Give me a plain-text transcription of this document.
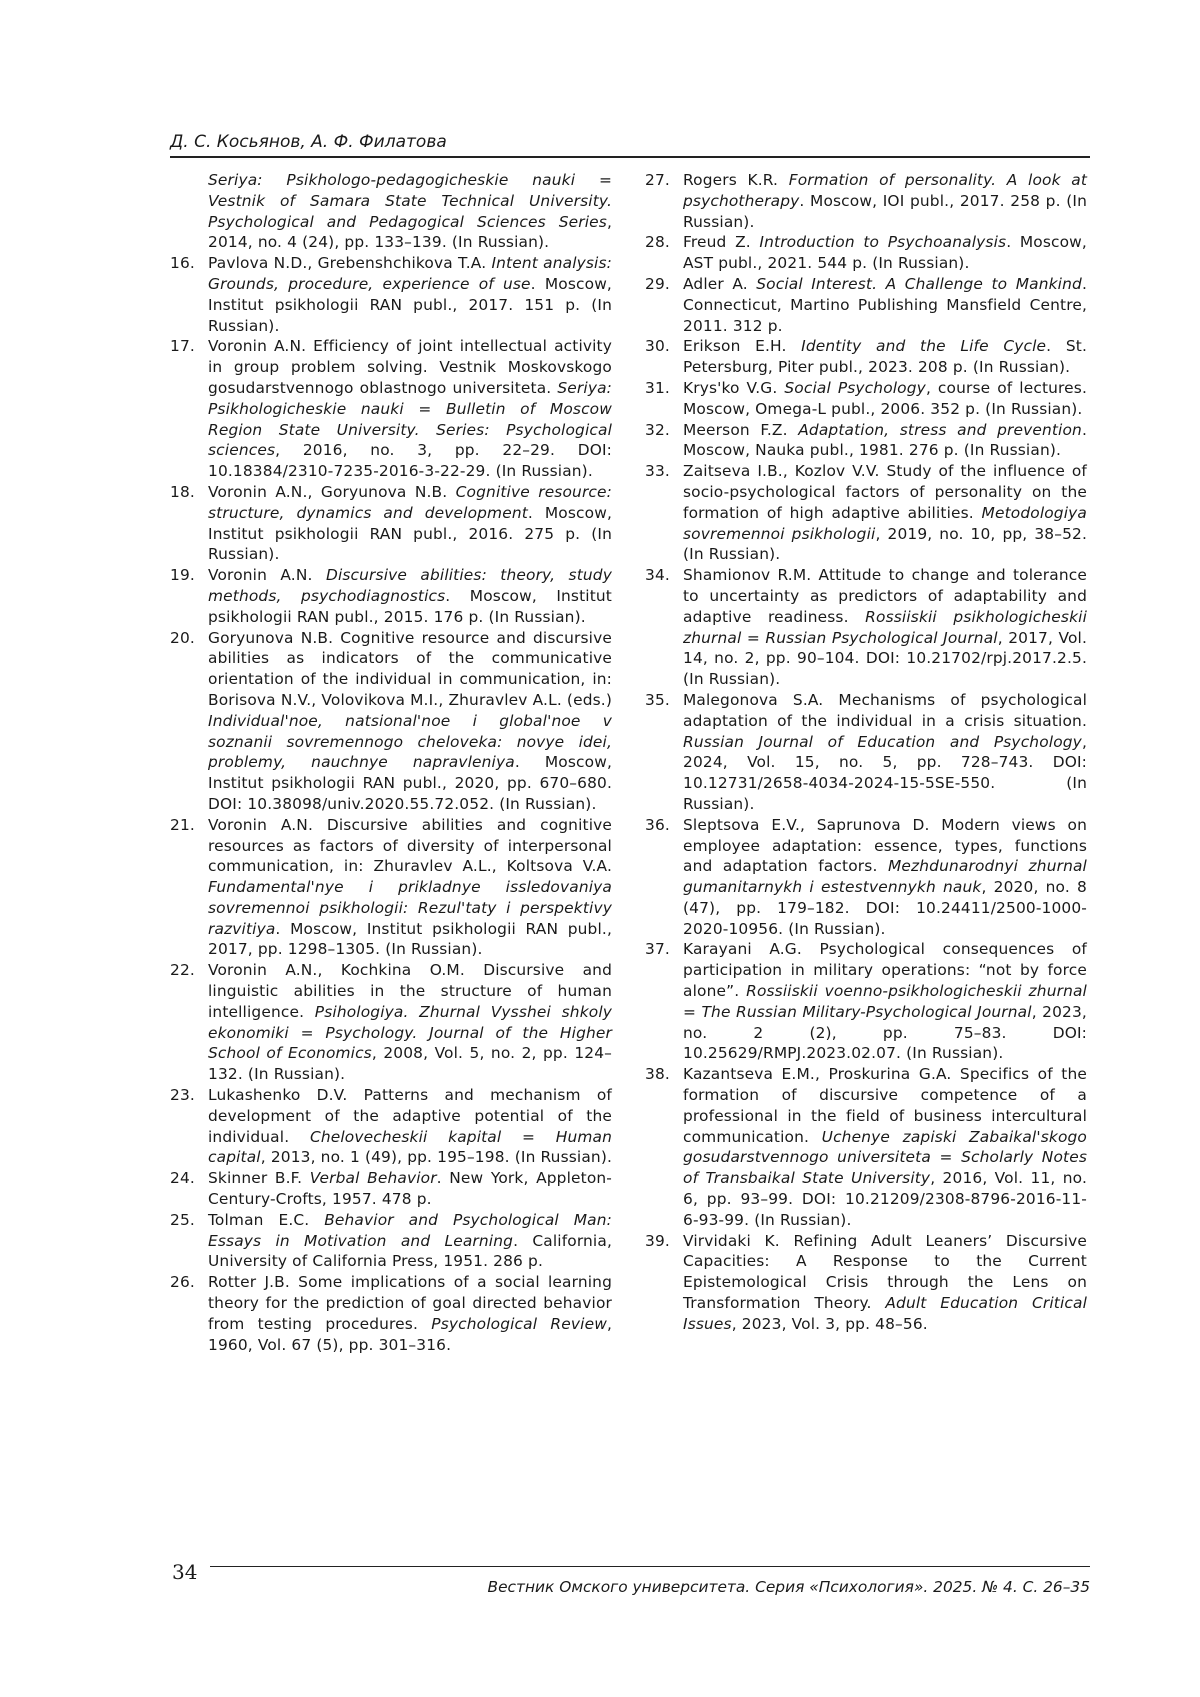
Д. С. Косьянов, А. Ф. Филатова
Seriya: Psikhologo-pedagogicheskie nauki = Vestnik of Samara State Technical University. Psychological and Pedagogical Sciences Series, 2014, no. 4 (24), pp. 133–139. (In Russian).
16. Pavlova N.D., Grebenshchikova T.A. Intent analysis: Grounds, procedure, experience of use. Moscow, Institut psikhologii RAN publ., 2017. 151 p. (In Russian).
17. Voronin A.N. Efficiency of joint intellectual activity in group problem solving. Vestnik Moskovskogo gosudarstvennogo oblastnogo universiteta. Seriya: Psikhologicheskie nauki = Bulletin of Moscow Region State University. Series: Psychological sciences, 2016, no. 3, pp. 22–29. DOI: 10.18384/2310-7235-2016-3-22-29. (In Russian).
18. Voronin A.N., Goryunova N.B. Cognitive resource: structure, dynamics and development. Moscow, Institut psikhologii RAN publ., 2016. 275 p. (In Russian).
19. Voronin A.N. Discursive abilities: theory, study methods, psychodiagnostics. Moscow, Institut psikhologii RAN publ., 2015. 176 p. (In Russian).
20. Goryunova N.B. Cognitive resource and discursive abilities as indicators of the communicative orientation of the individual in communication, in: Borisova N.V., Volovikova M.I., Zhuravlev A.L. (eds.) Individual'noe, natsional'noe i global'noe v soznanii sovremennogo cheloveka: novye idei, problemy, nauchnye napravleniya. Moscow, Institut psikhologii RAN publ., 2020, pp. 670–680. DOI: 10.38098/univ.2020.55.72.052. (In Russian).
21. Voronin A.N. Discursive abilities and cognitive resources as factors of diversity of interpersonal communication, in: Zhuravlev A.L., Koltsova V.A. Fundamental'nye i prikladnye issledovaniya sovremennoi psikhologii: Rezul'taty i perspektivy razvitiya. Moscow, Institut psikhologii RAN publ., 2017, pp. 1298–1305. (In Russian).
22. Voronin A.N., Kochkina O.M. Discursive and linguistic abilities in the structure of human intelligence. Psihologiya. Zhurnal Vysshei shkoly ekonomiki = Psychology. Journal of the Higher School of Economics, 2008, Vol. 5, no. 2, pp. 124–132. (In Russian).
23. Lukashenko D.V. Patterns and mechanism of development of the adaptive potential of the individual. Chelovecheskii kapital = Human capital, 2013, no. 1 (49), pp. 195–198. (In Russian).
24. Skinner B.F. Verbal Behavior. New York, Appleton-Century-Crofts, 1957. 478 p.
25. Tolman E.C. Behavior and Psychological Man: Essays in Motivation and Learning. California, University of California Press, 1951. 286 p.
26. Rotter J.B. Some implications of a social learning theory for the prediction of goal directed behavior from testing procedures. Psychological Review, 1960, Vol. 67 (5), pp. 301–316.
27. Rogers K.R. Formation of personality. A look at psychotherapy. Moscow, IOI publ., 2017. 258 p. (In Russian).
28. Freud Z. Introduction to Psychoanalysis. Moscow, AST publ., 2021. 544 p. (In Russian).
29. Adler A. Social Interest. A Challenge to Mankind. Connecticut, Martino Publishing Mansfield Centre, 2011. 312 p.
30. Erikson E.H. Identity and the Life Cycle. St. Petersburg, Piter publ., 2023. 208 p. (In Russian).
31. Krys'ko V.G. Social Psychology, course of lectures. Moscow, Omega-L publ., 2006. 352 p. (In Russian).
32. Meerson F.Z. Adaptation, stress and prevention. Moscow, Nauka publ., 1981. 276 p. (In Russian).
33. Zaitseva I.B., Kozlov V.V. Study of the influence of socio-psychological factors of personality on the formation of high adaptive abilities. Metodologiya sovremennoi psikhologii, 2019, no. 10, pp, 38–52. (In Russian).
34. Shamionov R.M. Attitude to change and tolerance to uncertainty as predictors of adaptability and adaptive readiness. Rossiiskii psikhologicheskii zhurnal = Russian Psychological Journal, 2017, Vol. 14, no. 2, pp. 90–104. DOI: 10.21702/rpj.2017.2.5. (In Russian).
35. Malegonova S.A. Mechanisms of psychological adaptation of the individual in a crisis situation. Russian Journal of Education and Psychology, 2024, Vol. 15, no. 5, pp. 728–743. DOI: 10.12731/2658-4034-2024-15-5SE-550. (In Russian).
36. Sleptsova E.V., Saprunova D. Modern views on employee adaptation: essence, types, functions and adaptation factors. Mezhdunarodnyi zhurnal gumanitarnykh i estestvennykh nauk, 2020, no. 8 (47), pp. 179–182. DOI: 10.24411/2500-1000-2020-10956. (In Russian).
37. Karayani A.G. Psychological consequences of participation in military operations: “not by force alone”. Rossiiskii voenno-psikhologicheskii zhurnal = The Russian Military-Psychological Journal, 2023, no. 2 (2), pp. 75–83. DOI: 10.25629/RMPJ.2023.02.07. (In Russian).
38. Kazantseva E.M., Proskurina G.A. Specifics of the formation of discursive competence of a professional in the field of business intercultural communication. Uchenye zapiski Zabaikal'skogo gosudarstvennogo universiteta = Scholarly Notes of Transbaikal State University, 2016, Vol. 11, no. 6, pp. 93–99. DOI: 10.21209/2308-8796-2016-11-6-93-99. (In Russian).
39. Virvidaki K. Refining Adult Leaners’ Discursive Capacities: A Response to the Current Epistemological Crisis through the Lens on Transformation Theory. Adult Education Critical Issues, 2023, Vol. 3, pp. 48–56.
34
Вестник Омского университета. Серия «Психология». 2025. № 4. С. 26–35
